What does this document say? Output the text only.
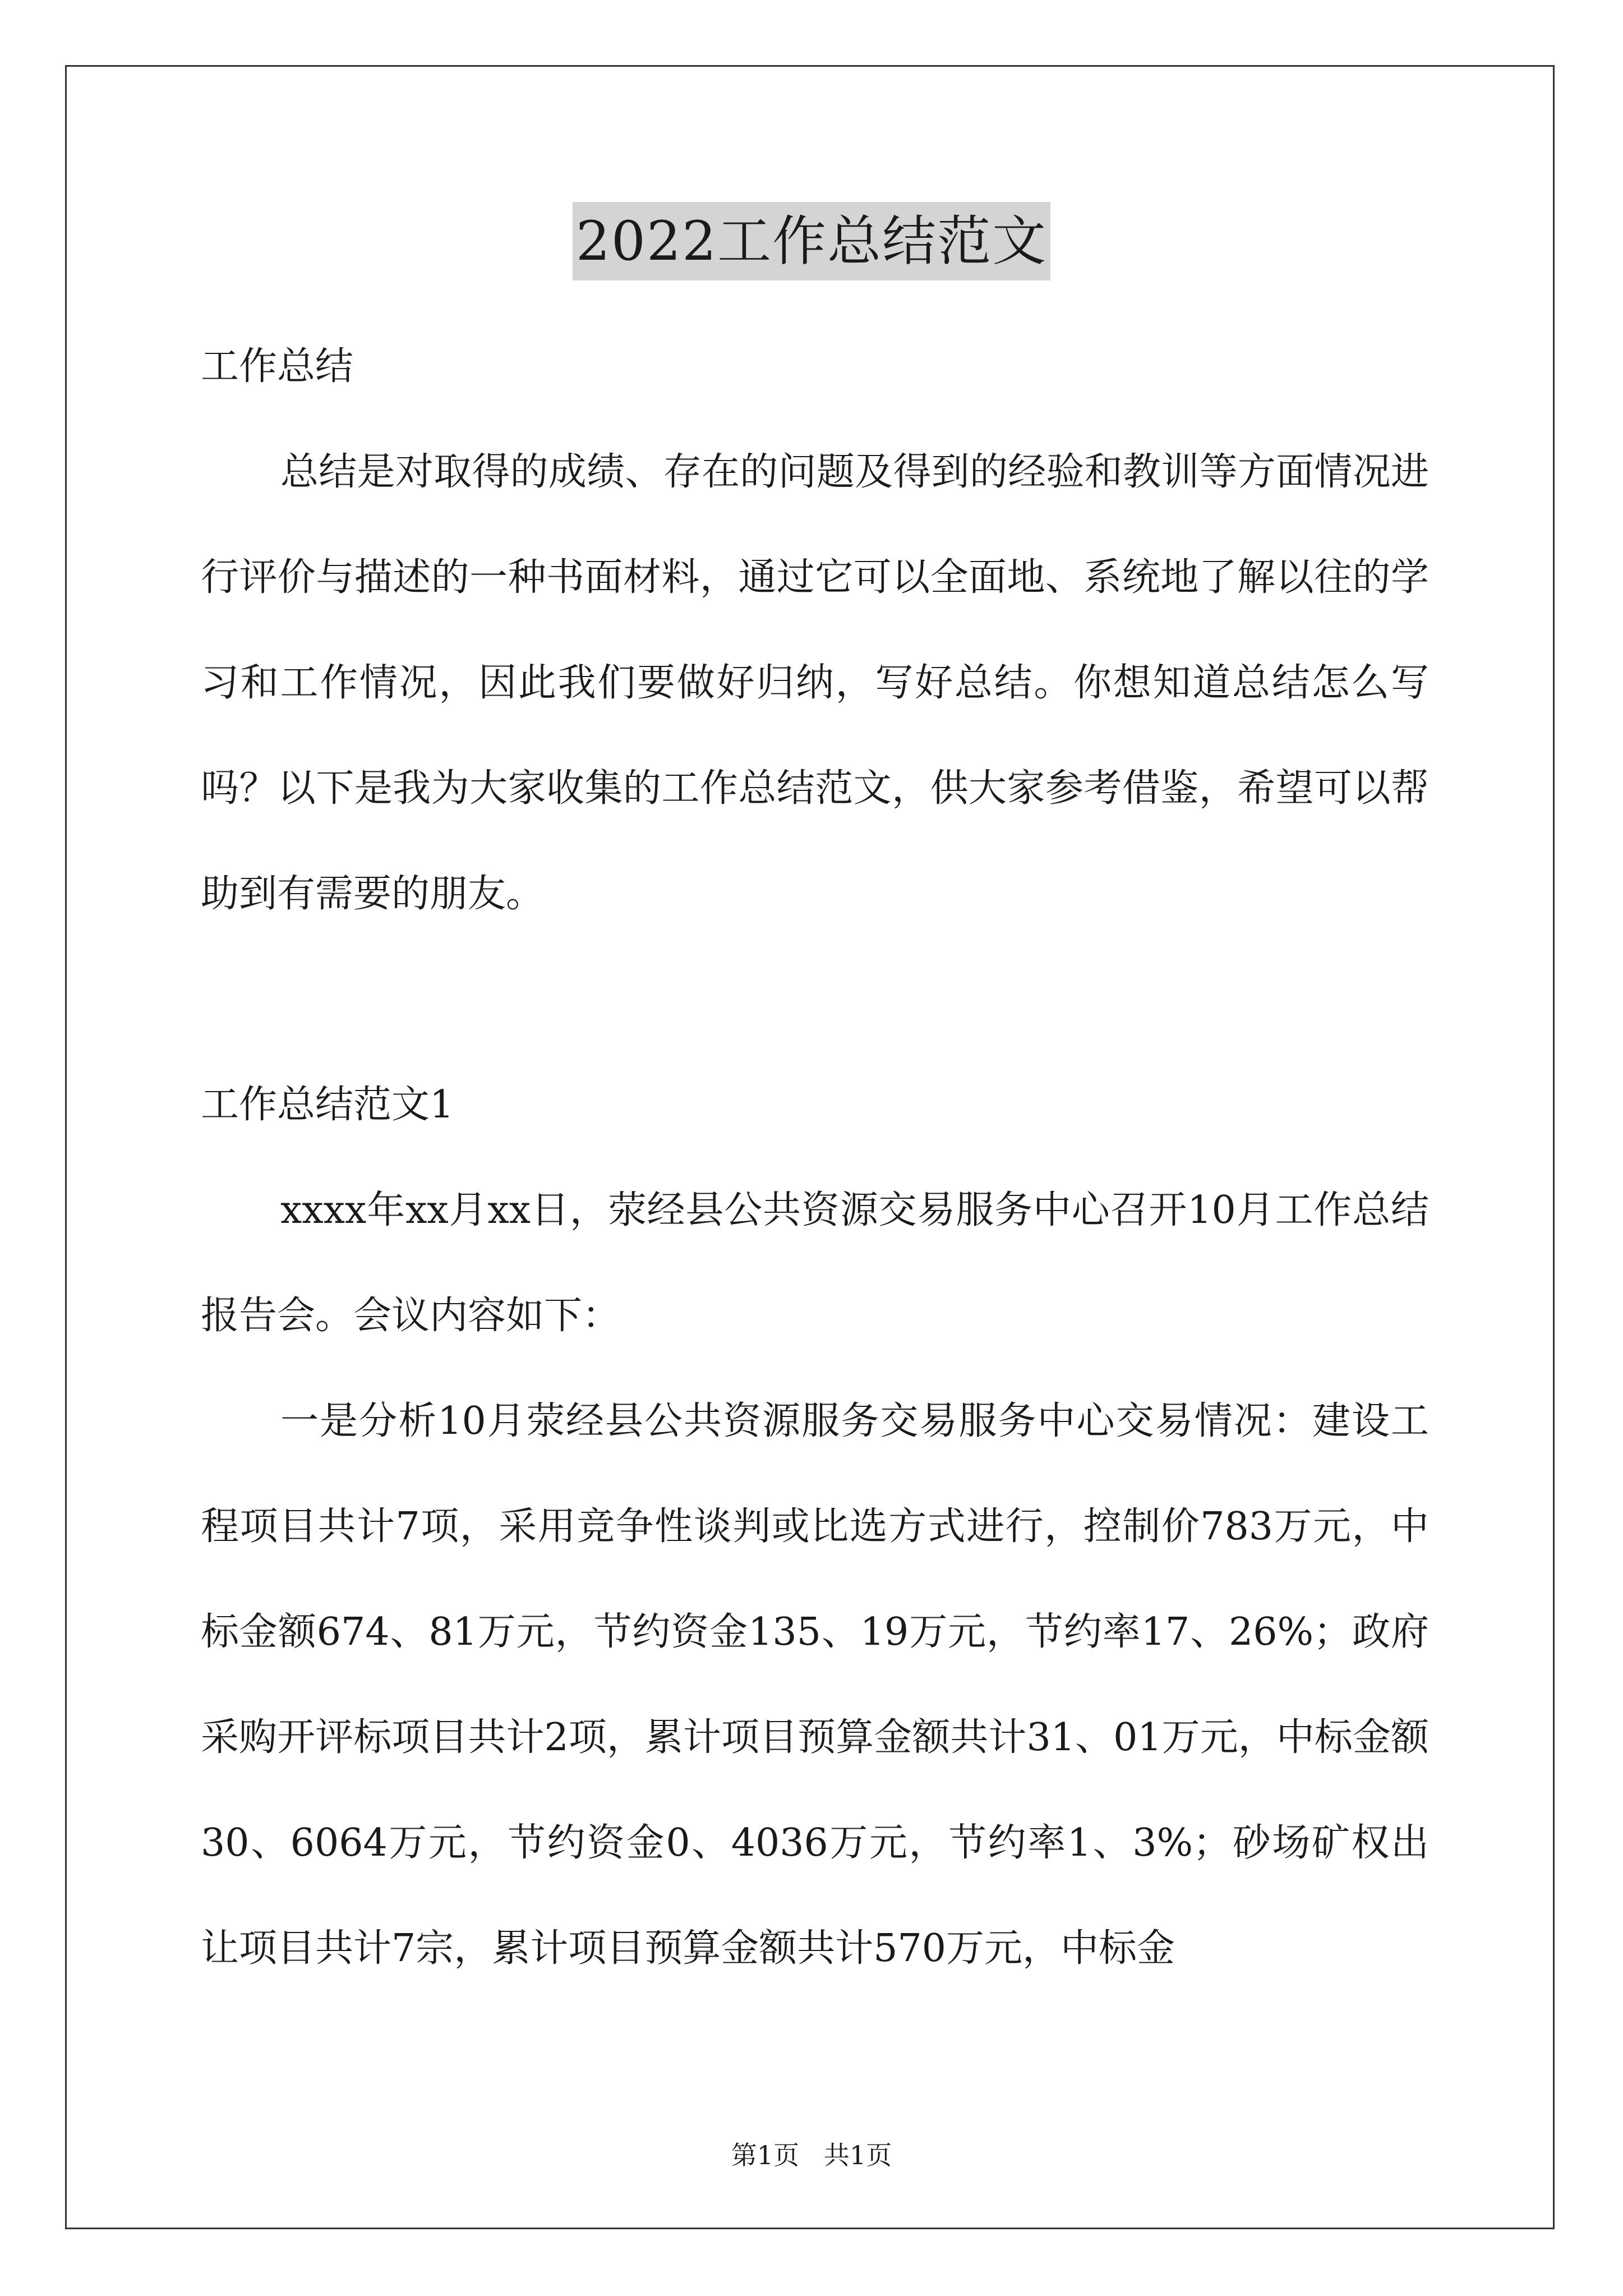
2022工作总结范文

工作总结

总结是对取得的成绩、存在的问题及得到的经验和教训等方面情况进行评价与描述的一种书面材料，通过它可以全面地、系统地了解以往的学习和工作情况，因此我们要做好归纳，写好总结。你想知道总结怎么写吗？以下是我为大家收集的工作总结范文，供大家参考借鉴，希望可以帮助到有需要的朋友。

工作总结范文1

xxxx年xx月xx日，荥经县公共资源交易服务中心召开10月工作总结报告会。会议内容如下：

一是分析10月荥经县公共资源服务交易服务中心交易情况：建设工程项目共计7项，采用竞争性谈判或比选方式进行，控制价783万元，中标金额674、81万元，节约资金135、19万元，节约率17、26%；政府采购开评标项目共计2项，累计项目预算金额共计31、01万元，中标金额30、6064万元，节约资金0、4036万元，节约率1、3%；砂场矿权出让项目共计7宗，累计项目预算金额共计570万元，中标金

第1页   共1页
